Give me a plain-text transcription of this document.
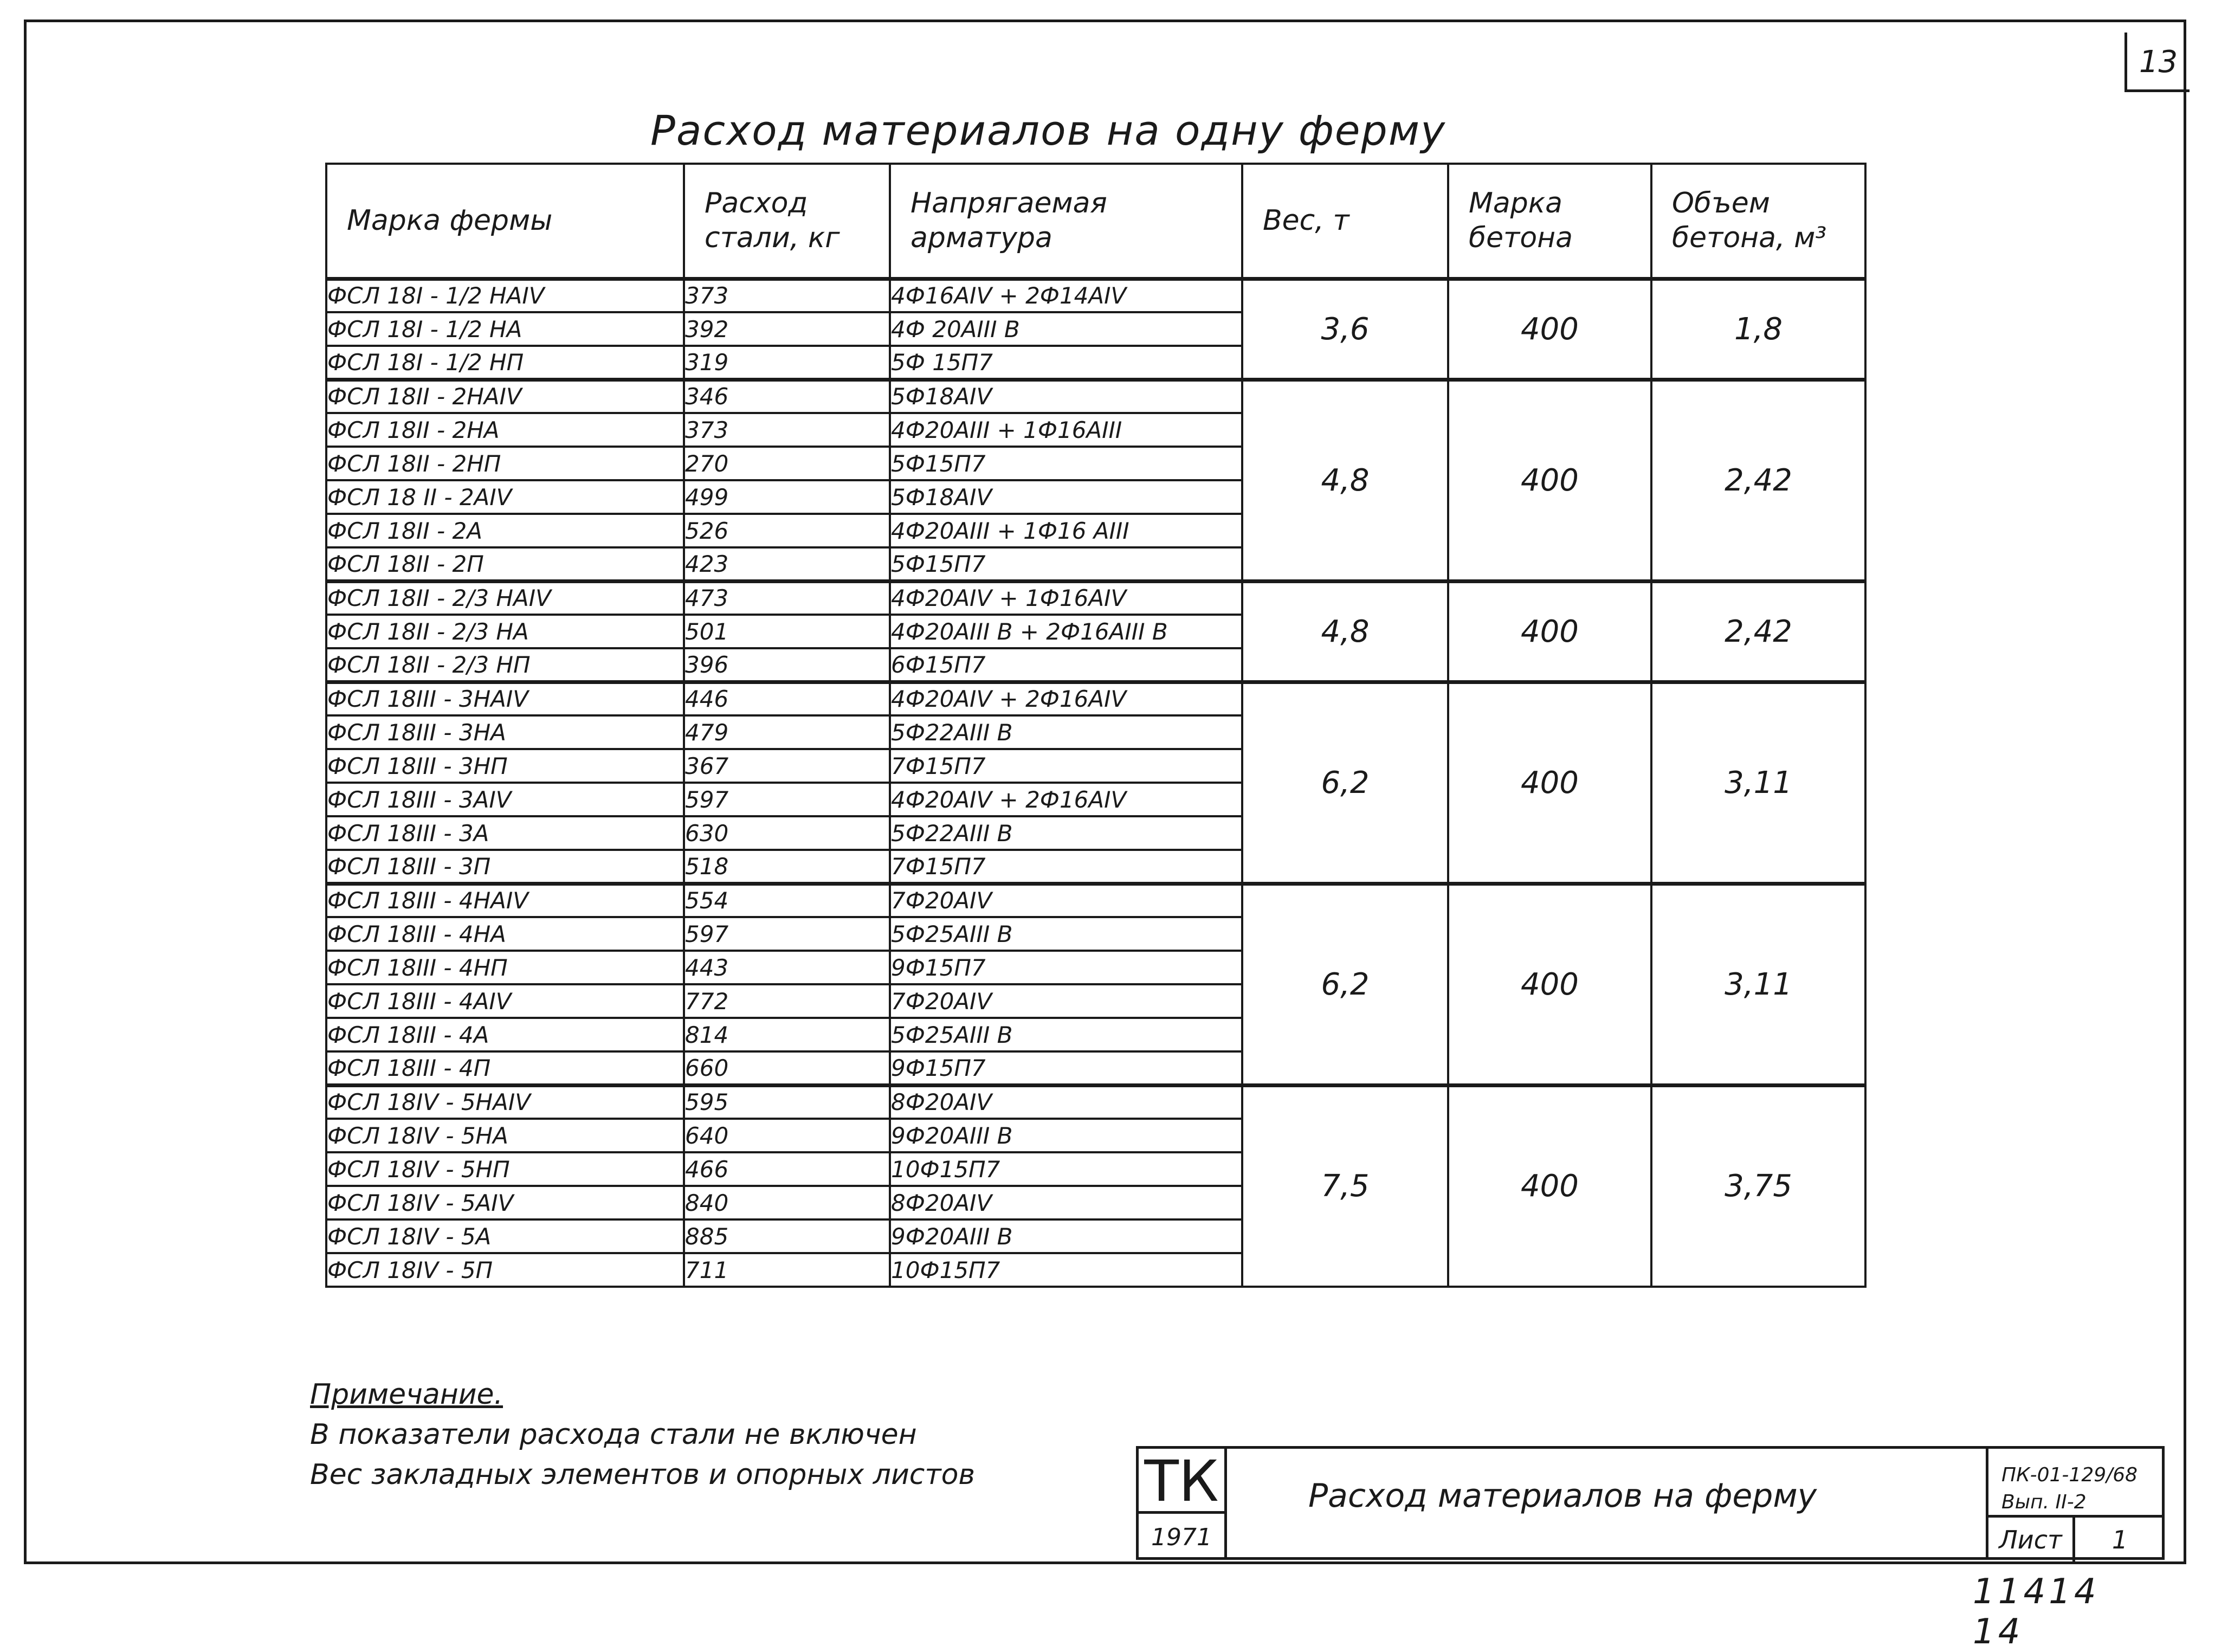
13
Расход материалов на одну ферму
Марка фермы	Расход стали, кг	Напрягаемая арматура	Вес, т	Марка бетона	Объем бетона, м³
ФСЛ 18I - 1/2 НАIV	373	4Ф16АIV + 2Ф14АIV	3,6	400	1,8
ФСЛ 18I - 1/2 НА	392	4Ф 20АIII В			
ФСЛ 18I - 1/2 НП	319	5Ф 15П7			
ФСЛ 18II - 2НАIV	346	5Ф18АIV	4,8	400	2,42
ФСЛ 18II - 2НА	373	4Ф20АIII + 1Ф16АIII			
ФСЛ 18II - 2НП	270	5Ф15П7			
ФСЛ 18 II - 2АIV	499	5Ф18АIV			
ФСЛ 18II - 2А	526	4Ф20АIII + 1Ф16 АIII			
ФСЛ 18II - 2П	423	5Ф15П7			
ФСЛ 18II - 2/3 НАIV	473	4Ф20АIV + 1Ф16АIV	4,8	400	2,42
ФСЛ 18II - 2/3 НА	501	4Ф20АIII В + 2Ф16АIII В			
ФСЛ 18II - 2/3 НП	396	6Ф15П7			
ФСЛ 18III - 3НАIV	446	4Ф20АIV + 2Ф16АIV	6,2	400	3,11
ФСЛ 18III - 3НА	479	5Ф22АIII В			
ФСЛ 18III - 3НП	367	7Ф15П7			
ФСЛ 18III - 3АIV	597	4Ф20АIV + 2Ф16АIV			
ФСЛ 18III - 3А	630	5Ф22АIII В			
ФСЛ 18III - 3П	518	7Ф15П7			
ФСЛ 18III - 4НАIV	554	7Ф20АIV	6,2	400	3,11
ФСЛ 18III - 4НА	597	5Ф25АIII В			
ФСЛ 18III - 4НП	443	9Ф15П7			
ФСЛ 18III - 4АIV	772	7Ф20АIV			
ФСЛ 18III - 4А	814	5Ф25АIII В			
ФСЛ 18III - 4П	660	9Ф15П7			
ФСЛ 18IV - 5НАIV	595	8Ф20АIV	7,5	400	3,75
ФСЛ 18IV - 5НА	640	9Ф20АIII В			
ФСЛ 18IV - 5НП	466	10Ф15П7			
ФСЛ 18IV - 5АIV	840	8Ф20АIV			
ФСЛ 18IV - 5А	885	9Ф20АIII В			
ФСЛ 18IV - 5П	711	10Ф15П7			
Примечание.
В показатели расхода стали не включен
Вес закладных элементов и опорных листов	ТК
1971
Расход материалов на ферму
ПК-01-129/68
Вып. II-2
Лист	1
1141414
